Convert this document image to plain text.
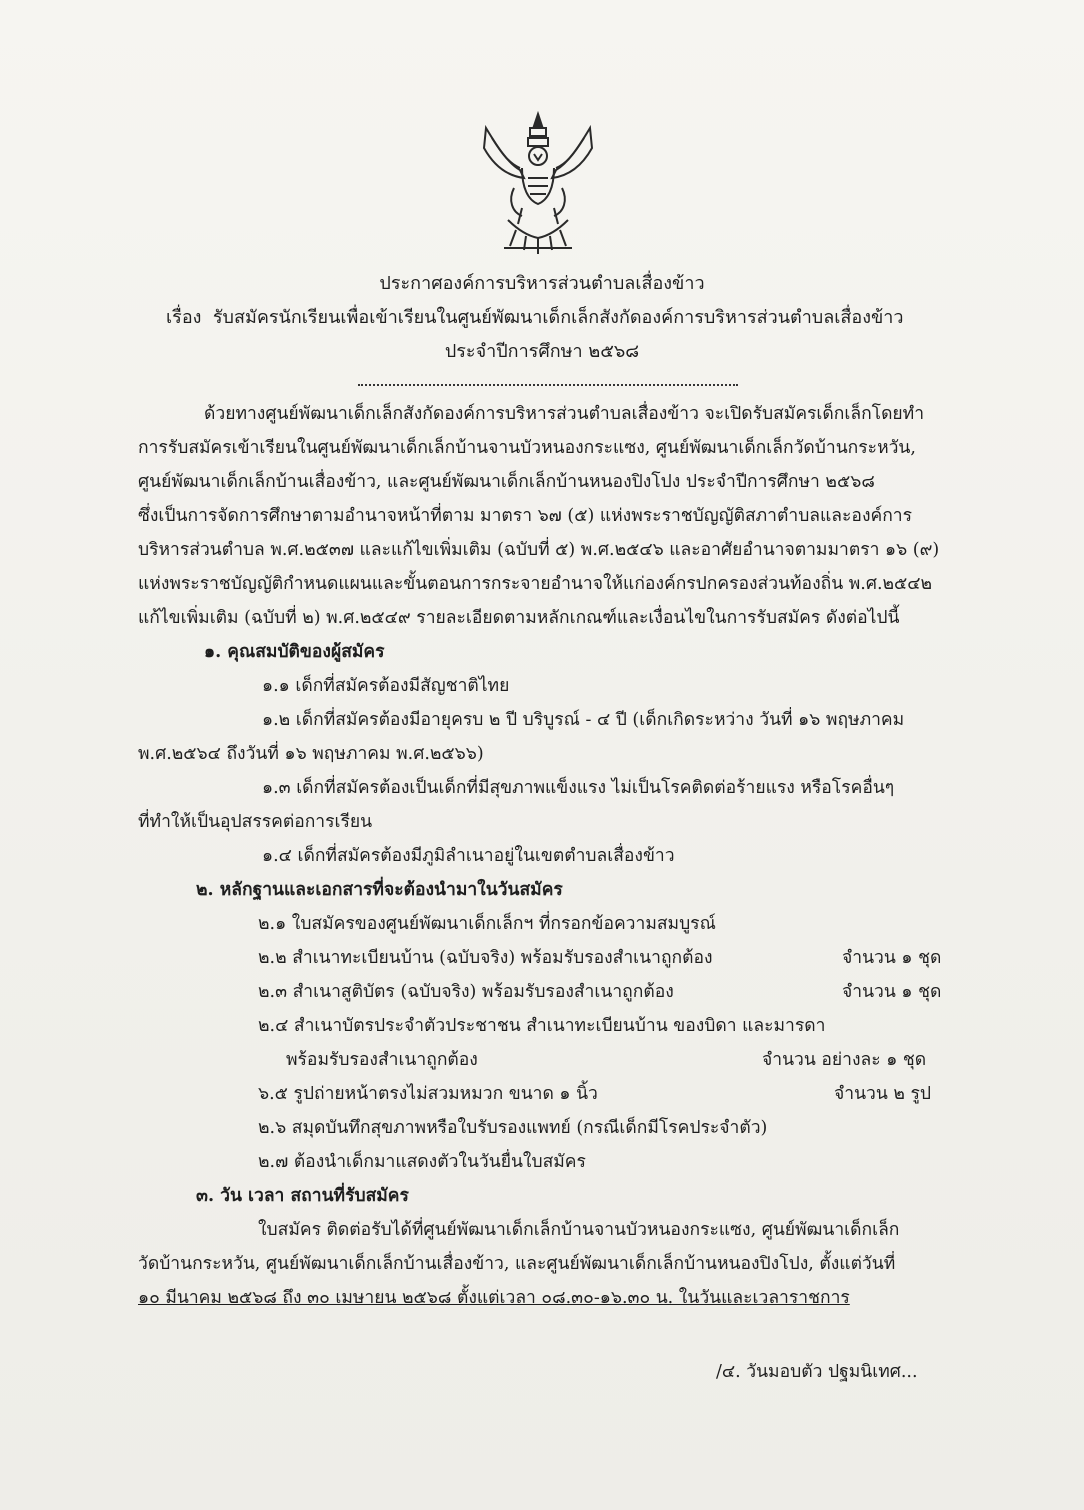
ประกาศองค์การบริหารส่วนตำบลเสื่องข้าว
เรื่อง รับสมัครนักเรียนเพื่อเข้าเรียนในศูนย์พัฒนาเด็กเล็กสังกัดองค์การบริหารส่วนตำบลเสื่องข้าว
ประจำปีการศึกษา ๒๕๖๘
ด้วยทางศูนย์พัฒนาเด็กเล็กสังกัดองค์การบริหารส่วนตำบลเสื่องข้าว จะเปิดรับสมัครเด็กเล็กโดยทำ
การรับสมัครเข้าเรียนในศูนย์พัฒนาเด็กเล็กบ้านจานบัวหนองกระแซง, ศูนย์พัฒนาเด็กเล็กวัดบ้านกระหวัน,
ศูนย์พัฒนาเด็กเล็กบ้านเสื่องข้าว, และศูนย์พัฒนาเด็กเล็กบ้านหนองปิงโปง ประจำปีการศึกษา ๒๕๖๘
ซึ่งเป็นการจัดการศึกษาตามอำนาจหน้าที่ตาม มาตรา ๖๗ (๕) แห่งพระราชบัญญัติสภาตำบลและองค์การ
บริหารส่วนตำบล พ.ศ.๒๕๓๗ และแก้ไขเพิ่มเติม (ฉบับที่ ๕) พ.ศ.๒๕๔๖ และอาศัยอำนาจตามมาตรา ๑๖ (๙)
แห่งพระราชบัญญัติกำหนดแผนและขั้นตอนการกระจายอำนาจให้แก่องค์กรปกครองส่วนท้องถิ่น พ.ศ.๒๕๔๒
แก้ไขเพิ่มเติม (ฉบับที่ ๒) พ.ศ.๒๕๔๙ รายละเอียดตามหลักเกณฑ์และเงื่อนไขในการรับสมัคร ดังต่อไปนี้
๑. คุณสมบัติของผู้สมัคร
๑.๑ เด็กที่สมัครต้องมีสัญชาติไทย
๑.๒ เด็กที่สมัครต้องมีอายุครบ ๒ ปี บริบูรณ์ - ๔ ปี (เด็กเกิดระหว่าง วันที่ ๑๖ พฤษภาคม
พ.ศ.๒๕๖๔ ถึงวันที่ ๑๖ พฤษภาคม พ.ศ.๒๕๖๖)
๑.๓ เด็กที่สมัครต้องเป็นเด็กที่มีสุขภาพแข็งแรง ไม่เป็นโรคติดต่อร้ายแรง หรือโรคอื่นๆ
ที่ทำให้เป็นอุปสรรคต่อการเรียน
๑.๔ เด็กที่สมัครต้องมีภูมิลำเนาอยู่ในเขตตำบลเสื่องข้าว
๒. หลักฐานและเอกสารที่จะต้องนำมาในวันสมัคร
๒.๑ ใบสมัครของศูนย์พัฒนาเด็กเล็กฯ ที่กรอกข้อความสมบูรณ์
๒.๒ สำเนาทะเบียนบ้าน (ฉบับจริง) พร้อมรับรองสำเนาถูกต้อง	จำนวน ๑ ชุด
๒.๓ สำเนาสูติบัตร (ฉบับจริง) พร้อมรับรองสำเนาถูกต้อง	จำนวน ๑ ชุด
๒.๔ สำเนาบัตรประจำตัวประชาชน สำเนาทะเบียนบ้าน ของบิดา และมารดา
พร้อมรับรองสำเนาถูกต้อง	จำนวน อย่างละ ๑ ชุด
๖.๕ รูปถ่ายหน้าตรงไม่สวมหมวก ขนาด ๑ นิ้ว	จำนวน ๒ รูป
๒.๖ สมุดบันทึกสุขภาพหรือใบรับรองแพทย์ (กรณีเด็กมีโรคประจำตัว)
๒.๗ ต้องนำเด็กมาแสดงตัวในวันยื่นใบสมัคร
๓. วัน เวลา สถานที่รับสมัคร
ใบสมัคร ติดต่อรับได้ที่ศูนย์พัฒนาเด็กเล็กบ้านจานบัวหนองกระแซง, ศูนย์พัฒนาเด็กเล็ก
วัดบ้านกระหวัน, ศูนย์พัฒนาเด็กเล็กบ้านเสื่องข้าว, และศูนย์พัฒนาเด็กเล็กบ้านหนองปิงโปง, ตั้งแต่วันที่
๑๐ มีนาคม ๒๕๖๘ ถึง ๓๐ เมษายน ๒๕๖๘ ตั้งแต่เวลา ๐๘.๓๐-๑๖.๓๐ น. ในวันและเวลาราชการ
/๔. วันมอบตัว ปฐมนิเทศ...
